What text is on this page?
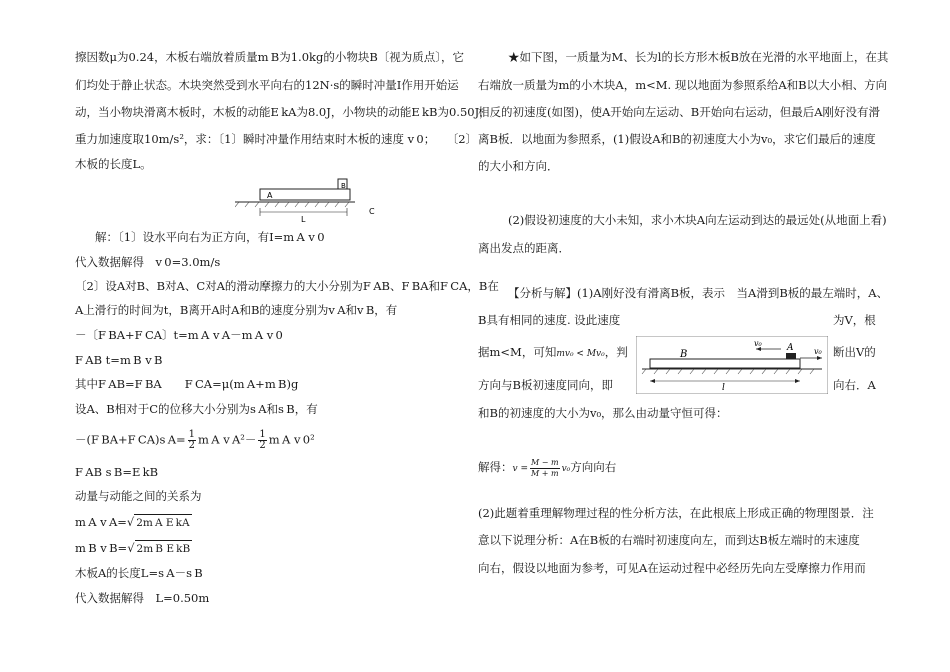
擦因数μ为0.24，木板右端放着质量m B为1.0kg的小物块B〔视为质点〕，它
们均处于静止状态。木块突然受到水平向右的12N·s的瞬时冲量I作用开始运
动，当小物块滑离木板时，木板的动能E kA为8.0J，小物块的动能E kB为0.50J，
重力加速度取10m/s²，求：〔1〕瞬时冲量作用结束时木板的速度 v 0；　　〔2〕
木板的长度L。
A
B
C
L
解：〔1〕设水平向右为正方向，有I=m A v 0
代入数据解得　v 0=3.0m/s
〔2〕设A对B、B对A、C对A的滑动摩擦力的大小分别为F AB、F BA和F CA，B在
A上滑行的时间为t，B离开A时A和B的速度分别为v A和v B，有
－〔F BA+F CA〕t=m A v A－m A v 0
F AB t=m B v B
其中F AB=F BA　　F CA=μ(m A+m B)g
设A、B相对于C的位移大小分别为s A和s B，有
－(F BA+F CA)s $A= \frac{1}{2}$ m A v $A^2- \frac{1}{2}$ m A v 0²
F AB s B=E kB
动量与动能之间的关系为
m A v A=√ 2m A E kA
m B v B=√ 2m B E kB
木板A的长度L=s A－s B
代入数据解得　L=0.50m
★如下图，一质量为M、长为l的长方形木板B放在光滑的水平地面上，在其
右端放一质量为m的小木块A，m<M. 现以地面为参照系给A和B以大小相、方向
相反的初速度(如图)，使A开始向左运动、B开始向右运动，但最后A刚好没有滑
离B板．以地面为参照系，(1)假设A和B的初速度大小为v₀，求它们最后的速度
的大小和方向．
(2)假设初速度的大小未知，求小木块A向左运动到达的最远处(从地面上看)
离出发点的距离．
【分析与解】(1)A刚好没有滑离B板，表示　当A滑到B板的最左端时，A、
B具有相同的速度. 设此速度	为V，根
据m<M，可知mv₀ < Mv₀，判	断出V的
方向与B板初速度同向，即	向右．A
和B的初速度的大小为v₀，那么由动量守恒可得：
B
A
v₀
v₀
l
解得：$v = \frac{M - m}{M + m} v_0$方向向右
(2)此题着重理解物理过程的性分析方法，在此根底上形成正确的物理图景．注
意以下说理分析：A在B板的右端时初速度向左，而到达B板左端时的末速度
向右，假设以地面为参考，可见A在运动过程中必经历先向左受摩擦力作用而
